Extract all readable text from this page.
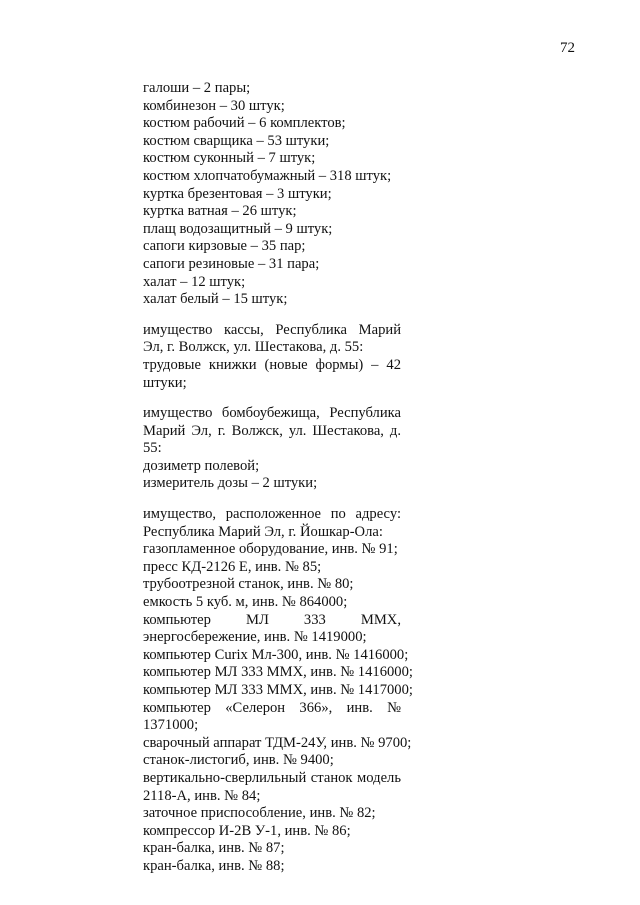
72
галоши – 2 пары;
комбинезон – 30 штук;
костюм рабочий – 6 комплектов;
костюм сварщика – 53 штуки;
костюм суконный – 7 штук;
костюм хлопчатобумажный – 318 штук;
куртка брезентовая – 3 штуки;
куртка ватная – 26 штук;
плащ водозащитный – 9 штук;
сапоги кирзовые – 35 пар;
сапоги резиновые – 31 пара;
халат – 12 штук;
халат белый – 15 штук;
имущество кассы, Республика Марий Эл, г. Волжск, ул. Шестакова, д. 55:
трудовые книжки (новые формы) – 42 штуки;
имущество бомбоубежища, Республика Марий Эл, г. Волжск, ул. Шестакова, д. 55:
дозиметр полевой;
измеритель дозы – 2 штуки;
имущество, расположенное по адресу: Республика Марий Эл, г. Йошкар-Ола:
газопламенное оборудование, инв. № 91;
пресс КД-2126 Е, инв. № 85;
трубоотрезной станок, инв. № 80;
емкость 5 куб. м, инв. № 864000;
компьютер МЛ 333 ММХ, энергосбережение, инв. № 1419000;
компьютер Curix Мл-300, инв. № 1416000;
компьютер МЛ 333 ММХ, инв. № 1416000;
компьютер МЛ 333 ММХ, инв. № 1417000;
компьютер «Селерон 366», инв. № 1371000;
сварочный аппарат ТДМ-24У, инв. № 9700;
станок-листогиб, инв. № 9400;
вертикально-сверлильный станок модель 2118-А, инв. № 84;
заточное приспособление, инв. № 82;
компрессор И-2В У-1, инв. № 86;
кран-балка, инв. № 87;
кран-балка, инв. № 88;
